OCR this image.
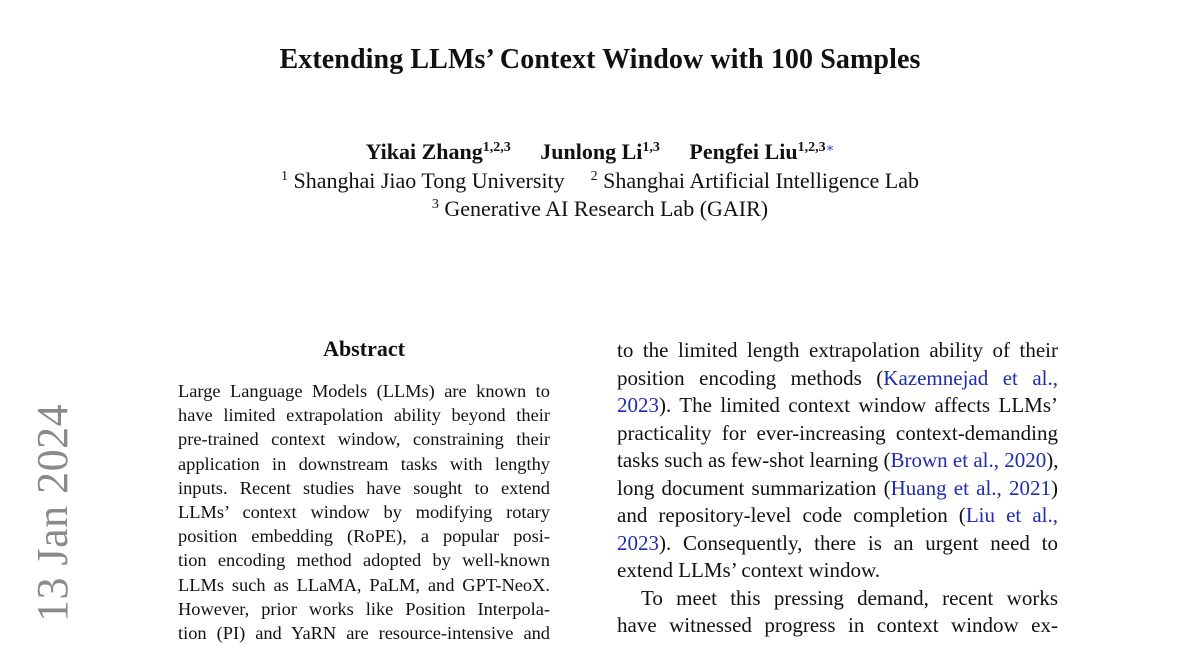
Extending LLMs’ Context Window with 100 Samples
Yikai Zhang$^{1,2,3}$ Junlong Li$^{1,3}$ Pengfei Liu$^{1,2,3∗}$
$^1$ Shanghai Jiao Tong University $^2$ Shanghai Artificial Intelligence Lab
$^3$ Generative AI Research Lab (GAIR)
13 Jan 2024
Abstract
Large Language Models (LLMs) are known to
have limited extrapolation ability beyond their
pre-trained context window, constraining their
application in downstream tasks with lengthy
inputs. Recent studies have sought to extend
LLMs’ context window by modifying rotary
position embedding (RoPE), a popular posi-
tion encoding method adopted by well-known
LLMs such as LLaMA, PaLM, and GPT-NeoX.
However, prior works like Position Interpola-
tion (PI) and YaRN are resource-intensive and
to the limited length extrapolation ability of their
position encoding methods (Kazemnejad et al.,
2023). The limited context window affects LLMs’
practicality for ever-increasing context-demanding
tasks such as few-shot learning (Brown et al., 2020),
long document summarization (Huang et al., 2021)
and repository-level code completion (Liu et al.,
2023). Consequently, there is an urgent need to
extend LLMs’ context window.
To meet this pressing demand, recent works
have witnessed progress in context window ex-
